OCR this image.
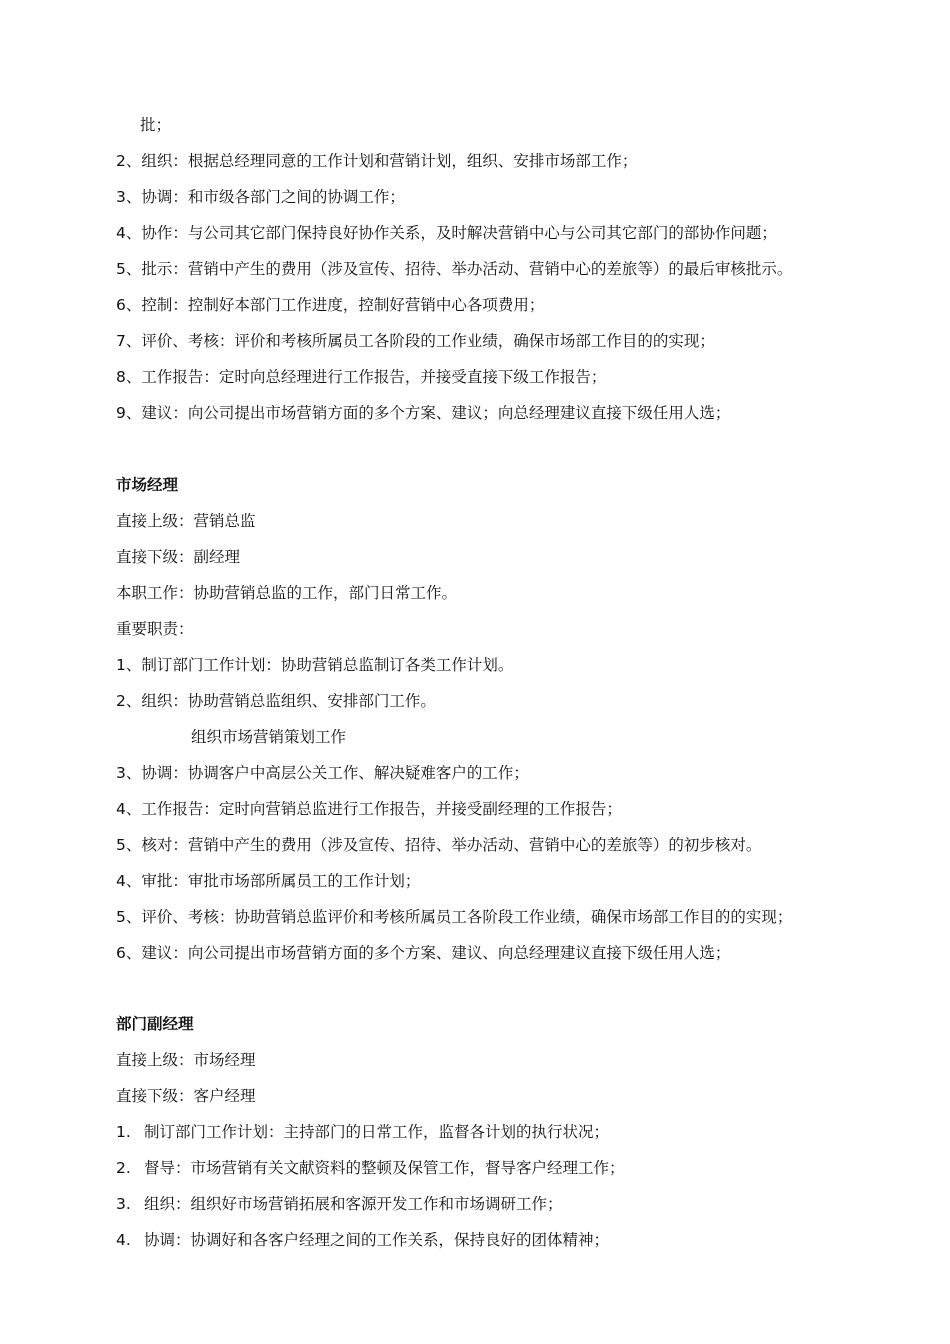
批；
2、组织：根据总经理同意的工作计划和营销计划，组织、安排市场部工作；
3、协调：和市级各部门之间的协调工作；
4、协作：与公司其它部门保持良好协作关系，及时解决营销中心与公司其它部门的部协作问题；
5、批示：营销中产生的费用（涉及宣传、招待、举办活动、营销中心的差旅等）的最后审核批示。
6、控制：控制好本部门工作进度，控制好营销中心各项费用；
7、评价、考核：评价和考核所属员工各阶段的工作业绩，确保市场部工作目的的实现；
8、工作报告：定时向总经理进行工作报告，并接受直接下级工作报告；
9、建议：向公司提出市场营销方面的多个方案、建议；向总经理建议直接下级任用人选；
市场经理
直接上级：营销总监
直接下级：副经理
本职工作：协助营销总监的工作，部门日常工作。
重要职责：
1、制订部门工作计划：协助营销总监制订各类工作计划。
2、组织：协助营销总监组织、安排部门工作。
组织市场营销策划工作
3、协调：协调客户中高层公关工作、解决疑难客户的工作；
4、工作报告：定时向营销总监进行工作报告，并接受副经理的工作报告；
5、核对：营销中产生的费用（涉及宣传、招待、举办活动、营销中心的差旅等）的初步核对。
4、审批：审批市场部所属员工的工作计划；
5、评价、考核：协助营销总监评价和考核所属员工各阶段工作业绩，确保市场部工作目的的实现；
6、建议：向公司提出市场营销方面的多个方案、建议、向总经理建议直接下级任用人选；
部门副经理
直接上级：市场经理
直接下级：客户经理
1. 制订部门工作计划：主持部门的日常工作，监督各计划的执行状况；
2. 督导：市场营销有关文献资料的整顿及保管工作，督导客户经理工作；
3. 组织：组织好市场营销拓展和客源开发工作和市场调研工作；
4. 协调：协调好和各客户经理之间的工作关系，保持良好的团体精神；
